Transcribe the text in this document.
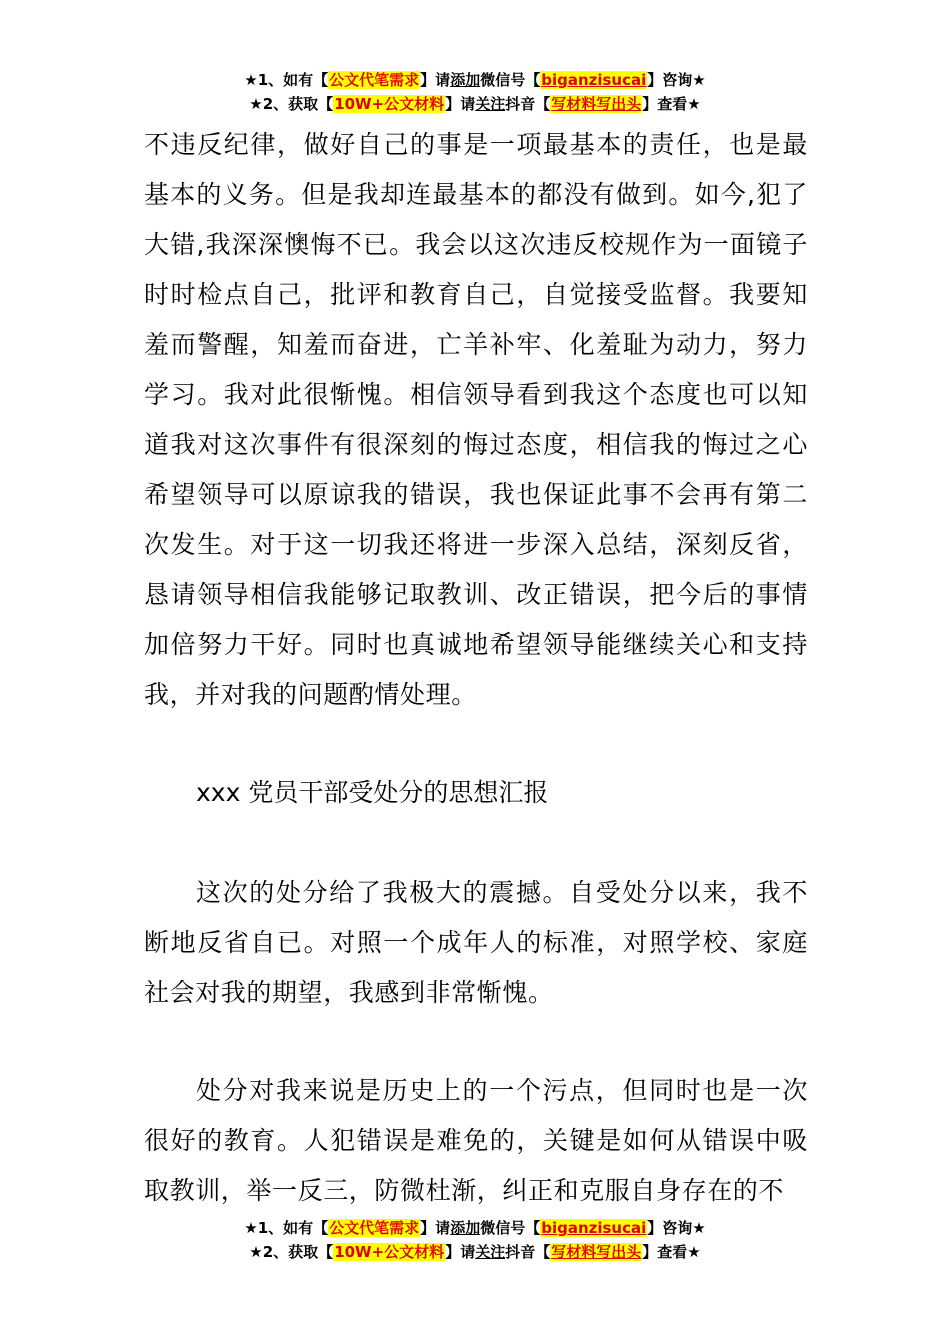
★1、如有【公文代笔需求】请添加微信号【biganzisucai】咨询★
★2、获取【10W+公文材料】请关注抖音【写材料写出头】查看★
不违反纪律，做好自己的事是一项最基本的责任，也是最基本的义务。但是我却连最基本的都没有做到。如今,犯了大错,我深深懊悔不已。我会以这次违反校规作为一面镜子时时检点自己，批评和教育自己，自觉接受监督。我要知羞而警醒，知羞而奋进，亡羊补牢、化羞耻为动力，努力学习。我对此很惭愧。相信领导看到我这个态度也可以知道我对这次事件有很深刻的悔过态度，相信我的悔过之心希望领导可以原谅我的错误，我也保证此事不会再有第二次发生。对于这一切我还将进一步深入总结，深刻反省，恳请领导相信我能够记取教训、改正错误，把今后的事情加倍努力干好。同时也真诚地希望领导能继续关心和支持我，并对我的问题酌情处理。
xxx 党员干部受处分的思想汇报
这次的处分给了我极大的震撼。自受处分以来，我不断地反省自已。对照一个成年人的标准，对照学校、家庭社会对我的期望，我感到非常惭愧。
处分对我来说是历史上的一个污点，但同时也是一次很好的教育。人犯错误是难免的，关键是如何从错误中吸取教训，举一反三，防微杜渐，纠正和克服自身存在的不
★1、如有【公文代笔需求】请添加微信号【biganzisucai】咨询★
★2、获取【10W+公文材料】请关注抖音【写材料写出头】查看★
